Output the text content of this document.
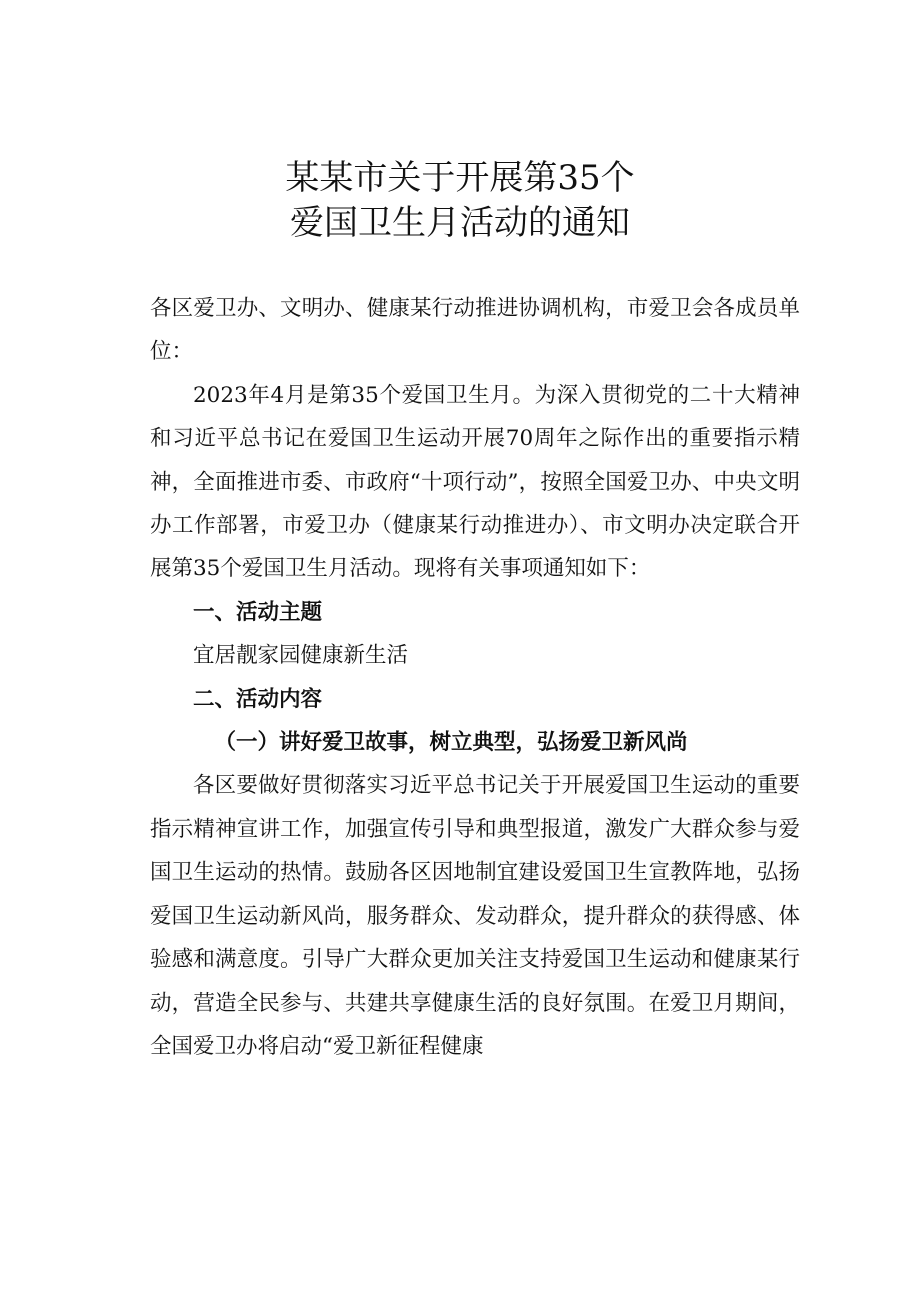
某某市关于开展第35个
爱国卫生月活动的通知

各区爱卫办、文明办、健康某行动推进协调机构，市爱卫会各成员单位：

2023年4月是第35个爱国卫生月。为深入贯彻党的二十大精神和习近平总书记在爱国卫生运动开展70周年之际作出的重要指示精神，全面推进市委、市政府“十项行动”，按照全国爱卫办、中央文明办工作部署，市爱卫办（健康某行动推进办）、市文明办决定联合开展第35个爱国卫生月活动。现将有关事项通知如下：

一、活动主题

宜居靓家园健康新生活

二、活动内容

（一）讲好爱卫故事，树立典型，弘扬爱卫新风尚

各区要做好贯彻落实习近平总书记关于开展爱国卫生运动的重要指示精神宣讲工作，加强宣传引导和典型报道，激发广大群众参与爱国卫生运动的热情。鼓励各区因地制宜建设爱国卫生宣教阵地，弘扬爱国卫生运动新风尚，服务群众、发动群众，提升群众的获得感、体验感和满意度。引导广大群众更加关注支持爱国卫生运动和健康某行动，营造全民参与、共建共享健康生活的良好氛围。在爱卫月期间，全国爱卫办将启动“爱卫新征程健康
